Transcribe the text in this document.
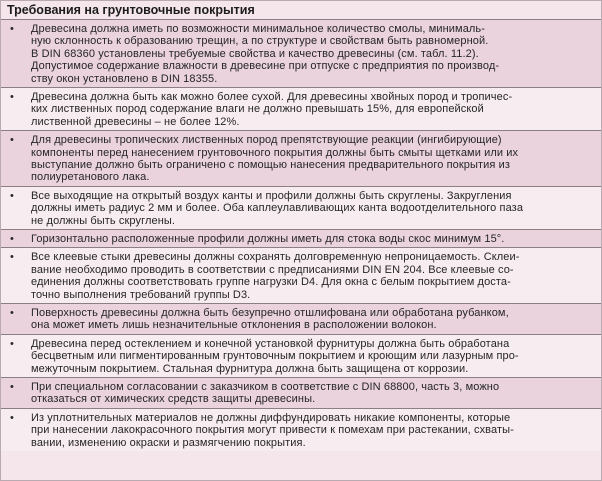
Требования на грунтовочные покрытия
• Древесина должна иметь по возможности минимальное количество смолы, минималь-
ную склонность к образованию трещин, а по структуре и свойствам быть равномерной.
В DIN 68360 установлены требуемые свойства и качество древесины (см. табл. 11.2).
Допустимое содержание влажности в древесине при отпуске с предприятия по производ-
ству окон установлено в DIN 18355.
• Древесина должна быть как можно более сухой. Для древесины хвойных пород и тропичес-
ких лиственных пород содержание влаги не должно превышать 15%, для европейской
лиственной древесины – не более 12%.
• Для древесины тропических лиственных пород препятствующие реакции (ингибирующие)
компоненты перед нанесением грунтовочного покрытия должны быть смыты щетками или их
выступание должно быть ограничено с помощью нанесения предварительного покрытия из
полиуретанового лака.
• Все выходящие на открытый воздух канты и профили должны быть скруглены. Закругления
должны иметь радиус 2 мм и более. Оба каплеулавливающих канта водоотделительного паза
не должны быть скруглены.
• Горизонтально расположенные профили должны иметь для стока воды скос минимум 15°.
• Все клеевые стыки древесины должны сохранять долговременную непроницаемость. Склеи-
вание необходимо проводить в соответствии с предписаниями DIN EN 204. Все клеевые со-
единения должны соответствовать группе нагрузки D4. Для окна с белым покрытием доста-
точно выполнения требований группы D3.
• Поверхность древесины должна быть безупречно отшлифована или обработана рубанком,
она может иметь лишь незначительные отклонения в расположении волокон.
• Древесина перед остеклением и конечной установкой фурнитуры должна быть обработана
бесцветным или пигментированным грунтовочным покрытием и кроющим или лазурным про-
межуточным покрытием. Стальная фурнитура должна быть защищена от коррозии.
• При специальном согласовании с заказчиком в соответствие с DIN 68800, часть 3, можно
отказаться от химических средств защиты древесины.
• Из уплотнительных материалов не должны диффундировать никакие компоненты, которые
при нанесении лакокрасочного покрытия могут привести к помехам при растекании, схваты-
вании, изменению окраски и размягчению покрытия.
